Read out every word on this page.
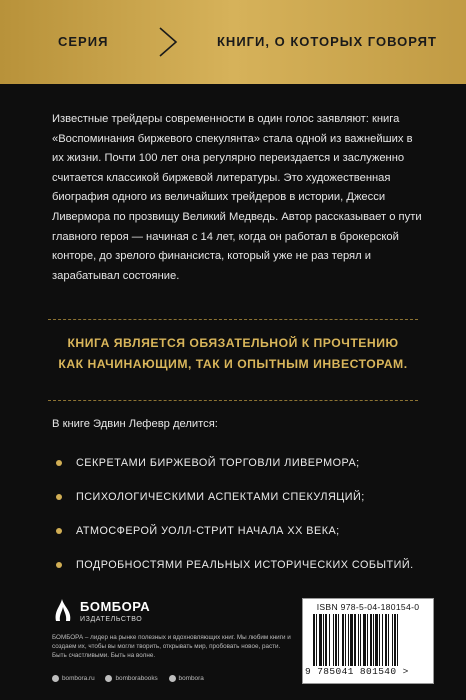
СЕРИЯ	КНИГИ, О КОТОРЫХ ГОВОРЯТ

Известные трейдеры современности в один голос заявляют: книга «Воспоминания биржевого спекулянта» стала одной из важнейших в их жизни. Почти 100 лет она регулярно переиздается и заслуженно считается классикой биржевой литературы. Это художественная биография одного из величайших трейдеров в истории, Джесси Ливермора по прозвищу Великий Медведь. Автор рассказывает о пути главного героя — начиная с 14 лет, когда он работал в брокерской конторе, до зрелого финансиста, который уже не раз терял и зарабатывал состояние.

КНИГА ЯВЛЯЕТСЯ ОБЯЗАТЕЛЬНОЙ К ПРОЧТЕНИЮ
КАК НАЧИНАЮЩИМ, ТАК И ОПЫТНЫМ ИНВЕСТОРАМ.

В книге Эдвин Лефевр делится:
СЕКРЕТАМИ БИРЖЕВОЙ ТОРГОВЛИ ЛИВЕРМОРА;
ПСИХОЛОГИЧЕСКИМИ АСПЕКТАМИ СПЕКУЛЯЦИЙ;
АТМОСФЕРОЙ УОЛЛ-СТРИТ НАЧАЛА XX ВЕКА;
ПОДРОБНОСТЯМИ РЕАЛЬНЫХ ИСТОРИЧЕСКИХ СОБЫТИЙ.
БОМБОРА
ИЗДАТЕЛЬСТВО

БОМБОРА – лидер на рынке полезных и вдохновляющих книг. Мы любим книги и создаем их, чтобы вы могли творить, открывать мир, пробовать новое, расти. Быть счастливыми. Быть на волне.

bombora.ru
	bomborabooks
	bombora
ISBN 978-5-04-180154-0
9 785041 801540 >
